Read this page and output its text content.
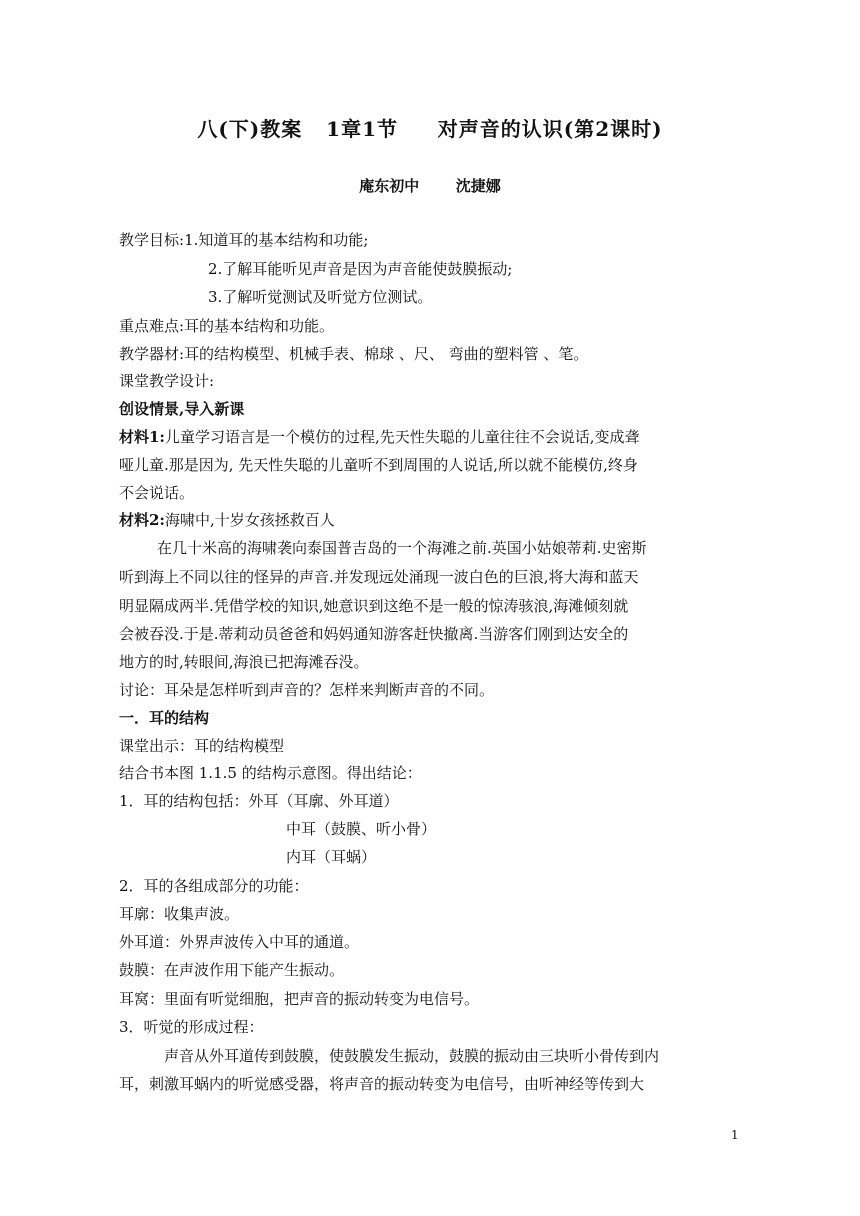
八(下)教案   1章1节     对声音的认识(第2课时)
庵东初中       沈捷娜
教学目标:1.知道耳的基本结构和功能;
2.了解耳能听见声音是因为声音能使鼓膜振动;
3.了解听觉测试及听觉方位测试。
重点难点:耳的基本结构和功能。
教学器材:耳的结构模型、机械手表、棉球 、尺、 弯曲的塑料管 、笔。
课堂教学设计:
创设情景,导入新课
材料1:儿童学习语言是一个模仿的过程,先天性失聪的儿童往往不会说话,变成聋
哑儿童.那是因为, 先天性失聪的儿童听不到周围的人说话,所以就不能模仿,终身
不会说话。
材料2:海啸中,十岁女孩拯救百人
在几十米高的海啸袭向泰国普吉岛的一个海滩之前.英国小姑娘蒂莉.史密斯
听到海上不同以往的怪异的声音.并发现远处涌现一波白色的巨浪,将大海和蓝天
明显隔成两半.凭借学校的知识,她意识到这绝不是一般的惊涛骇浪,海滩倾刻就
会被吞没.于是.蒂莉动员爸爸和妈妈通知游客赶快撤离.当游客们刚到达安全的
地方的时,转眼间,海浪已把海滩吞没。
讨论：耳朵是怎样听到声音的？怎样来判断声音的不同。
一．耳的结构
课堂出示：耳的结构模型
结合书本图 1.1.5 的结构示意图。得出结论：
1．耳的结构包括：外耳（耳廓、外耳道）
中耳（鼓膜、听小骨）
内耳（耳蜗）
2．耳的各组成部分的功能：
耳廓：收集声波。
外耳道：外界声波传入中耳的通道。
鼓膜：在声波作用下能产生振动。
耳窝：里面有听觉细胞，把声音的振动转变为电信号。
3．听觉的形成过程：
声音从外耳道传到鼓膜，使鼓膜发生振动，鼓膜的振动由三块听小骨传到内
耳，刺激耳蜗内的听觉感受器，将声音的振动转变为电信号，由听神经等传到大
1
